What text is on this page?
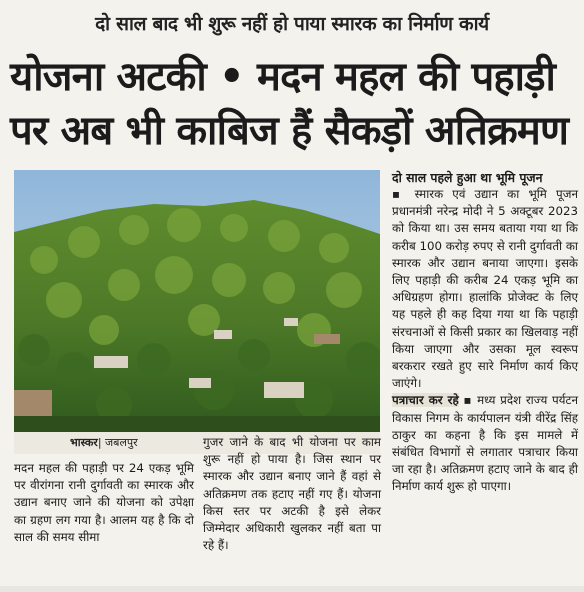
दो साल बाद भी शुरू नहीं हो पाया स्मारक का निर्माण कार्य
योजना अटकी • मदन महल की पहाड़ी
पर अब भी काबिज हैं सैकड़ों अतिक्रमण
भास्कर| जबलपुर
मदन महल की पहाड़ी पर 24 एकड़ भूमि पर वीरांगना रानी दुर्गावती का स्मारक और उद्यान बनाए जाने की योजना को उपेक्षा का ग्रहण लग गया है। आलम यह है कि दो साल की समय सीमा
गुजर जाने के बाद भी योजना पर काम शुरू नहीं हो पाया है। जिस स्थान पर स्मारक और उद्यान बनाए जाने हैं वहां से अतिक्रमण तक हटाए नहीं गए हैं। योजना किस स्तर पर अटकी है इसे लेकर जिम्मेदार अधिकारी खुलकर नहीं बता पा रहे हैं।
दो साल पहले हुआ था भूमि पूजन

▪ स्मारक एवं उद्यान का भूमि पूजन प्रधानमंत्री नरेन्द्र मोदी ने 5 अक्टूबर 2023 को किया था। उस समय बताया गया था कि करीब 100 करोड़ रुपए से रानी दुर्गावती का स्मारक और उद्यान बनाया जाएगा। इसके लिए पहाड़ी की करीब 24 एकड़ भूमि का अधिग्रहण होगा। हालांकि प्रोजेक्ट के लिए यह पहले ही कह दिया गया था कि पहाड़ी संरचनाओं से किसी प्रकार का खिलवाड़ नहीं किया जाएगा और उसका मूल स्वरूप बरकरार रखते हुए सारे निर्माण कार्य किए जाएंगे।

पत्राचार कर रहे ▪ मध्य प्रदेश राज्य पर्यटन विकास निगम के कार्यपालन यंत्री वीरेंद्र सिंह ठाकुर का कहना है कि इस मामले में संबंधित विभागों से लगातार पत्राचार किया जा रहा है। अतिक्रमण हटाए जाने के बाद ही निर्माण कार्य शुरू हो पाएगा।
